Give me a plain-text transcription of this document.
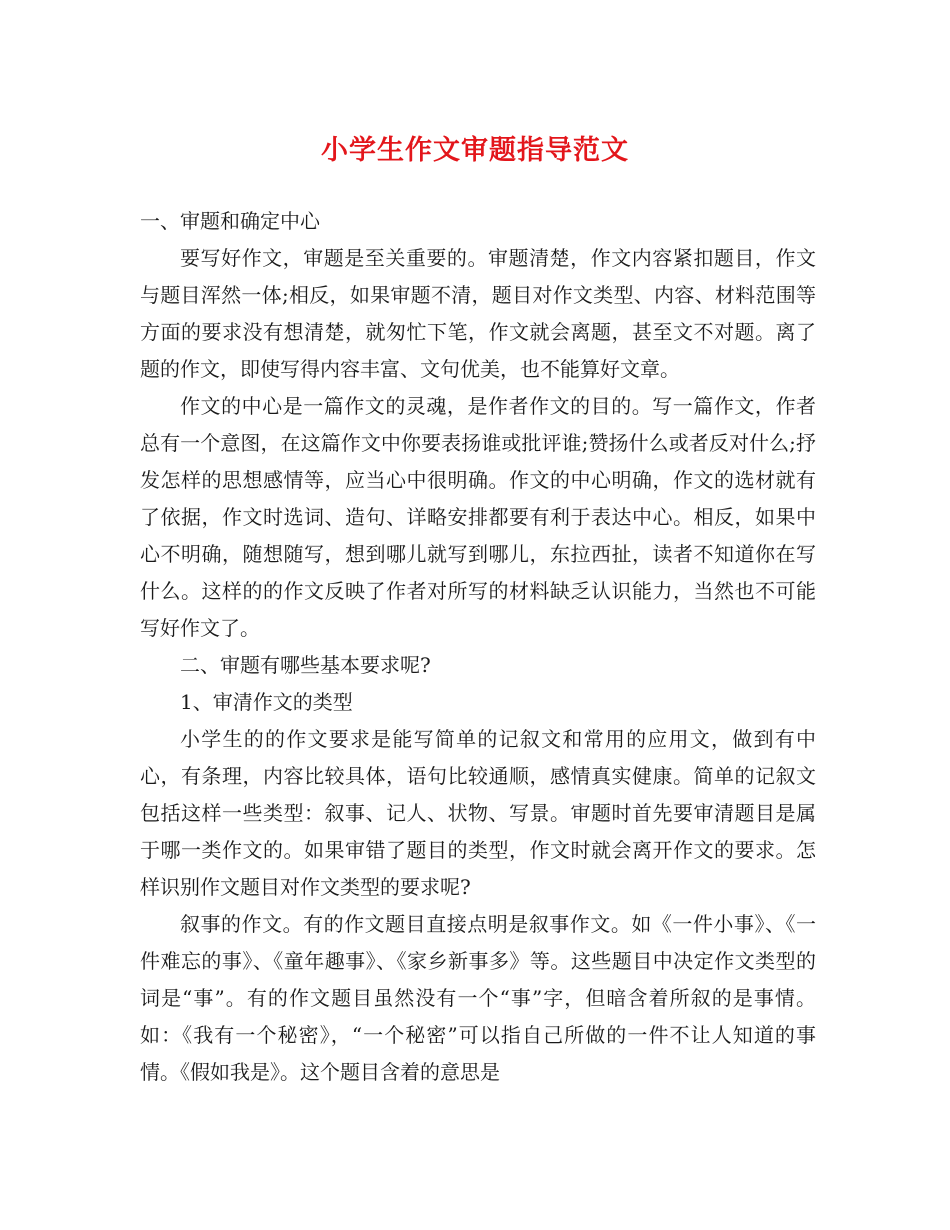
小学生作文审题指导范文

一、审题和确定中心

要写好作文，审题是至关重要的。审题清楚，作文内容紧扣题目，作文与题目浑然一体;相反，如果审题不清，题目对作文类型、内容、材料范围等方面的要求没有想清楚，就匆忙下笔，作文就会离题，甚至文不对题。离了题的作文，即使写得内容丰富、文句优美，也不能算好文章。

作文的中心是一篇作文的灵魂，是作者作文的目的。写一篇作文，作者总有一个意图，在这篇作文中你要表扬谁或批评谁;赞扬什么或者反对什么;抒发怎样的思想感情等，应当心中很明确。作文的中心明确，作文的选材就有了依据，作文时选词、造句、详略安排都要有利于表达中心。相反，如果中心不明确，随想随写，想到哪儿就写到哪儿，东拉西扯，读者不知道你在写什么。这样的的作文反映了作者对所写的材料缺乏认识能力，当然也不可能写好作文了。

二、审题有哪些基本要求呢?

1、审清作文的类型

小学生的的作文要求是能写简单的记叙文和常用的应用文，做到有中心，有条理，内容比较具体，语句比较通顺，感情真实健康。简单的记叙文包括这样一些类型：叙事、记人、状物、写景。审题时首先要审清题目是属于哪一类作文的。如果审错了题目的类型，作文时就会离开作文的要求。怎样识别作文题目对作文类型的要求呢?

叙事的作文。有的作文题目直接点明是叙事作文。如《一件小事》、《一件难忘的事》、《童年趣事》、《家乡新事多》等。这些题目中决定作文类型的词是“事”。有的作文题目虽然没有一个“事”字，但暗含着所叙的是事情。如：《我有一个秘密》，“一个秘密”可以指自己所做的一件不让人知道的事情。《假如我是》。这个题目含着的意思是
